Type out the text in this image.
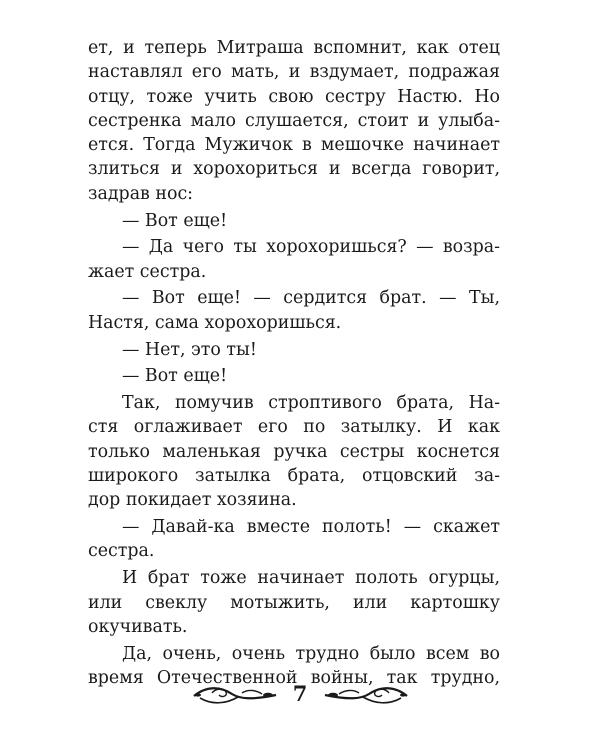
ет, и теперь Митраша вспомнит, как отец
наставлял его мать, и вздумает, подражая
отцу, тоже учить свою сестру Настю. Но
сестренка мало слушается, стоит и улыба-
ется. Тогда Мужичок в мешочке начинает
злиться и хорохориться и всегда говорит,
задрав нос:
— Вот еще!
— Да чего ты хорохоришься? — возра-
жает сестра.
— Вот еще! — сердится брат. — Ты,
Настя, сама хорохоришься.
— Нет, это ты!
— Вот еще!
Так, помучив строптивого брата, На-
стя оглаживает его по затылку. И как
только маленькая ручка сестры коснется
широкого затылка брата, отцовский за-
дор покидает хозяина.
— Давай-ка вместе полоть! — скажет
сестра.
И брат тоже начинает полоть огурцы,
или свеклу мотыжить, или картошку
окучивать.
Да, очень, очень трудно было всем во
время Отечественной войны, так трудно,
7
